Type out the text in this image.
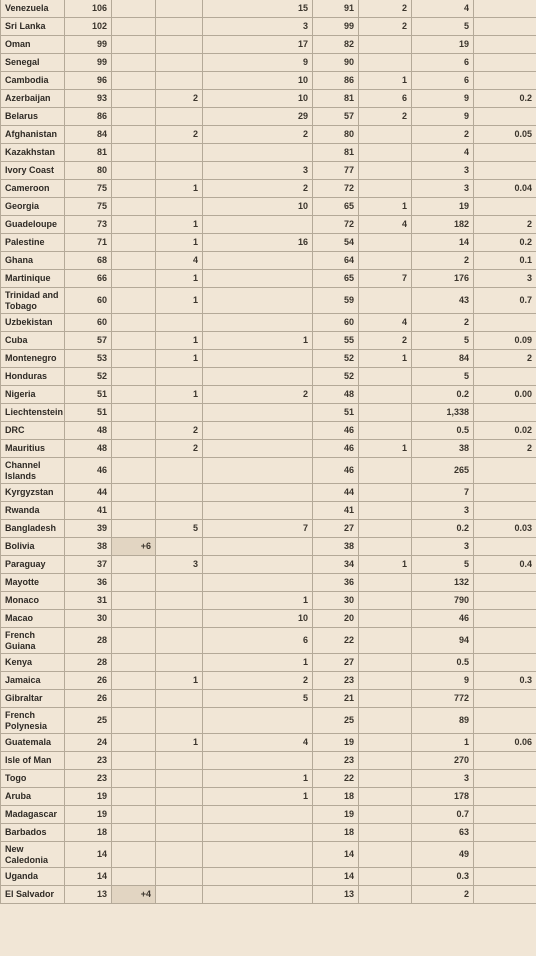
Venezuela	106			15	91	2	4	
Sri Lanka	102			3	99	2	5	
Oman	99			17	82		19	
Senegal	99			9	90		6	
Cambodia	96			10	86	1	6	
Azerbaijan	93		2	10	81	6	9	0.2
Belarus	86			29	57	2	9	
Afghanistan	84		2	2	80		2	0.05
Kazakhstan	81				81		4	
Ivory Coast	80			3	77		3	
Cameroon	75		1	2	72		3	0.04
Georgia	75			10	65	1	19	
Guadeloupe	73		1		72	4	182	2
Palestine	71		1	16	54		14	0.2
Ghana	68		4		64		2	0.1
Martinique	66		1		65	7	176	3
Trinidad and Tobago	60		1		59		43	0.7
Uzbekistan	60				60	4	2	
Cuba	57		1	1	55	2	5	0.09
Montenegro	53		1		52	1	84	2
Honduras	52				52		5	
Nigeria	51		1	2	48		0.2	0.00
Liechtenstein	51				51		1,338	
DRC	48		2		46		0.5	0.02
Mauritius	48		2		46	1	38	2
Channel Islands	46				46		265	
Kyrgyzstan	44				44		7	
Rwanda	41				41		3	
Bangladesh	39		5	7	27		0.2	0.03
Bolivia	38	+6			38		3	
Paraguay	37		3		34	1	5	0.4
Mayotte	36				36		132	
Monaco	31			1	30		790	
Macao	30			10	20		46	
French Guiana	28			6	22		94	
Kenya	28			1	27		0.5	
Jamaica	26		1	2	23		9	0.3
Gibraltar	26			5	21		772	
French Polynesia	25				25		89	
Guatemala	24		1	4	19		1	0.06
Isle of Man	23				23		270	
Togo	23			1	22		3	
Aruba	19			1	18		178	
Madagascar	19				19		0.7	
Barbados	18				18		63	
New Caledonia	14				14		49	
Uganda	14				14		0.3	
El Salvador	13	+4			13		2	
